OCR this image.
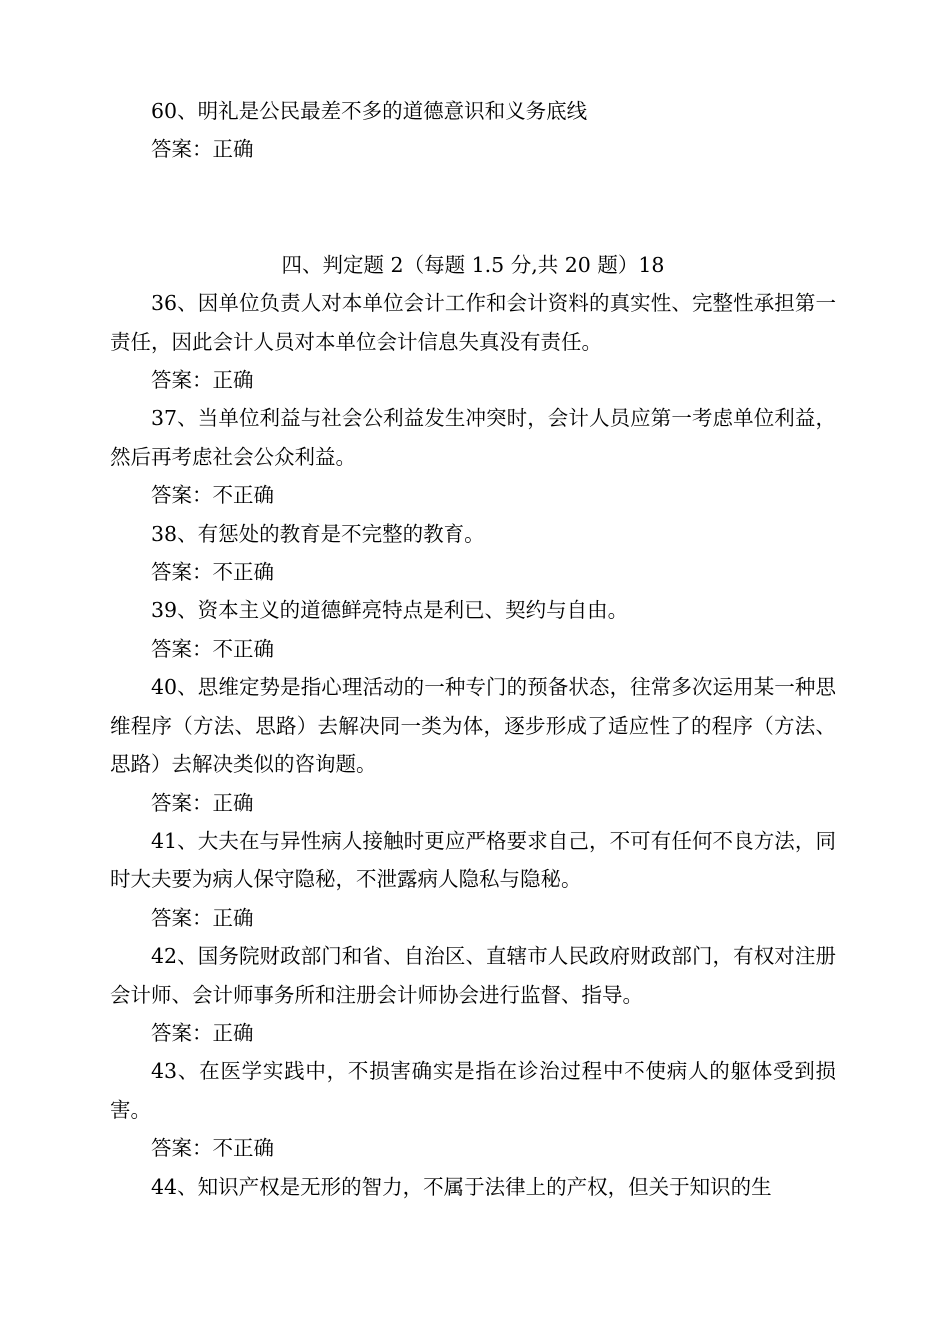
60、明礼是公民最差不多的道德意识和义务底线

答案：正确

四、判定题 2（每题 1.5 分,共 20 题）18

36、因单位负责人对本单位会计工作和会计资料的真实性、完整性承担第一责任，因此会计人员对本单位会计信息失真没有责任。

答案：正确

37、当单位利益与社会公利益发生冲突时，会计人员应第一考虑单位利益，然后再考虑社会公众利益。

答案：不正确

38、有惩处的教育是不完整的教育。

答案：不正确

39、资本主义的道德鲜亮特点是利已、契约与自由。

答案：不正确

40、思维定势是指心理活动的一种专门的预备状态，往常多次运用某一种思维程序（方法、思路）去解决同一类为体，逐步形成了适应性了的程序（方法、思路）去解决类似的咨询题。

答案：正确

41、大夫在与异性病人接触时更应严格要求自己，不可有任何不良方法，同时大夫要为病人保守隐秘，不泄露病人隐私与隐秘。

答案：正确

42、国务院财政部门和省、自治区、直辖市人民政府财政部门，有权对注册会计师、会计师事务所和注册会计师协会进行监督、指导。

答案：正确

43、在医学实践中，不损害确实是指在诊治过程中不使病人的躯体受到损害。

答案：不正确

44、知识产权是无形的智力，不属于法律上的产权，但关于知识的生
